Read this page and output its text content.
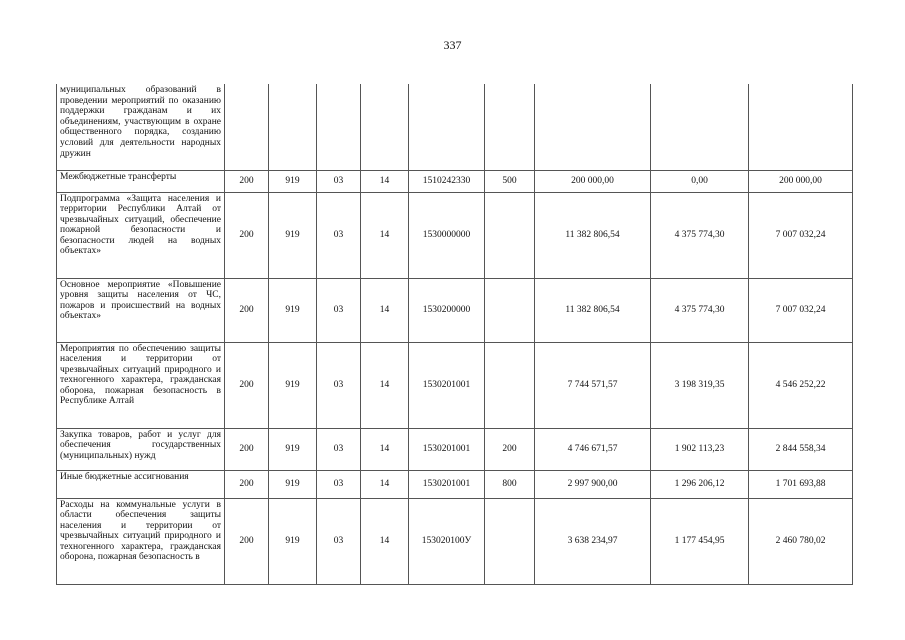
337
муниципальных образований в проведении мероприятий по оказанию поддержки гражданам и их объединениям, участвующим в охране общественного порядка, созданию условий для деятельности народных дружин									
Межбюджетные трансферты	200	919	03	14	1510242330	500	200 000,00	0,00	200 000,00
Подпрограмма «Защита населения и территории Республики Алтай от чрезвычайных ситуаций, обеспечение пожарной безопасности и безопасности людей на водных объектах»	200	919	03	14	1530000000		11 382 806,54	4 375 774,30	7 007 032,24
Основное мероприятие «Повышение уровня защиты населения от ЧС, пожаров и происшествий на водных объектах»	200	919	03	14	1530200000		11 382 806,54	4 375 774,30	7 007 032,24
Мероприятия по обеспечению защиты населения и территории от чрезвычайных ситуаций природного и техногенного характера, гражданская оборона, пожарная безопасность в Республике Алтай	200	919	03	14	1530201001		7 744 571,57	3 198 319,35	4 546 252,22
Закупка товаров, работ и услуг для обеспечения государственных (муниципальных) нужд	200	919	03	14	1530201001	200	4 746 671,57	1 902 113,23	2 844 558,34
Иные бюджетные ассигнования	200	919	03	14	1530201001	800	2 997 900,00	1 296 206,12	1 701 693,88
Расходы на коммунальные услуги в области обеспечения защиты населения и территории от чрезвычайных ситуаций природного и техногенного характера, гражданская оборона, пожарная безопасность в	200	919	03	14	153020100У		3 638 234,97	1 177 454,95	2 460 780,02
